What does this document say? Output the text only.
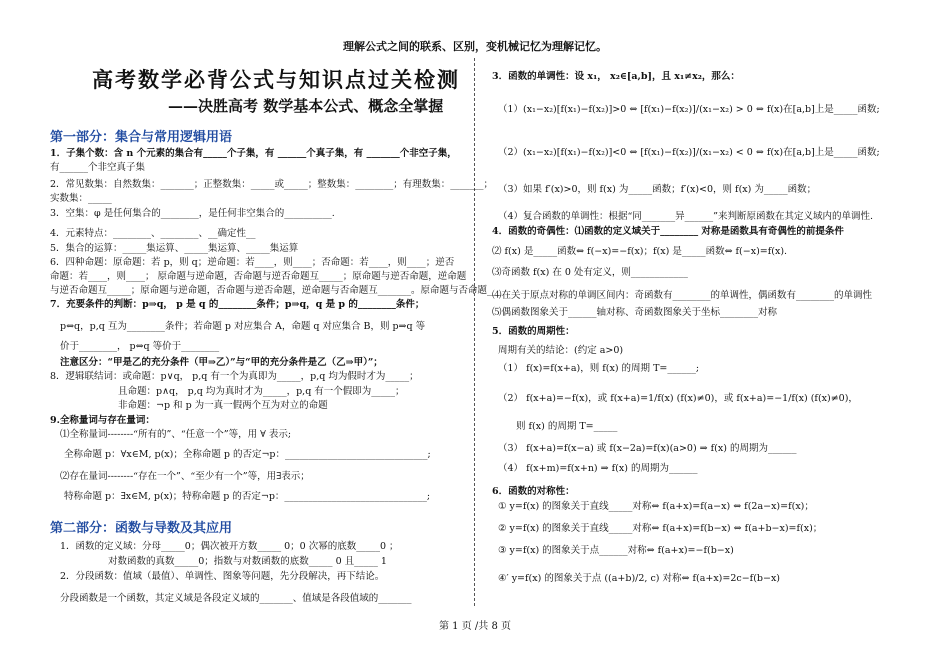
理解公式之间的联系、区别，变机械记忆为理解记忆。
高考数学必背公式与知识点过关检测
——决胜高考 数学基本公式、概念全掌握
第一部分：集合与常用逻辑用语
1．子集个数：含 n 个元素的集合有_____个子集，有 ______个真子集，有 _______个非空子集，
有______个非空真子集
2．常见数集：自然数集：_______；正整数集：_____或_____；整数集：________；有理数集：_______；
实数集：_____
3．空集：φ 是任何集合的________，是任何非空集合的__________.
4．元素特点：________、________、__确定性__
5．集合的运算：_____集运算、_____集运算、_____集运算
6．四种命题：原命题：若 p，则 q；逆命题：若____，则____；否命题：若____，则____；逆否
命题：若____，则____； 原命题与逆命题，否命题与逆否命题互_____；原命题与逆否命题，逆命题
与逆否命题互_____；原命题与逆命题，否命题与逆否命题，逆命题与否命题互_______。原命题与否命题___
7．充要条件的判断：p⇒q， p 是 q 的________条件；p⇒q，q 是 p 的________条件；
p⇔q，p,q 互为________条件；若命题 p 对应集合 A，命题 q 对应集合 B，则 p⇒q 等
价于________， p⇔q 等价于________
注意区分：“甲是乙的充分条件（甲⇒乙）”与“甲的充分条件是乙（乙⇒甲）”；
8．逻辑联结词：或命题：p∨q， p,q 有一个为真即为_____，p,q 均为假时才为_____；
且命题：p∧q， p,q 均为真时才为_____，p,q 有一个假即为_____；
非命题：¬p 和 p 为一真一假两个互为对立的命题
9.全称量词与存在量词：
⑴全称量词--------“所有的”、“任意一个”等，用 ∀ 表示;
全称命题 p：∀x∈M, p(x)；全称命题 p 的否定¬p：______________________________;
⑵存在量词--------“存在一个”、“至少有一个”等，用∃表示；
特称命题 p：∃x∈M, p(x)；特称命题 p 的否定¬p：______________________________;
第二部分：函数与导数及其应用
1．函数的定义域：分母_____0；偶次被开方数_____ 0；0 次幂的底数_____0 ；
对数函数的真数_____0；指数与对数函数的底数_____ 0 且_____ 1
2．分段函数：值域（最值）、单调性、图象等问题，先分段解决，再下结论。
分段函数是一个函数，其定义域是各段定义域的_______、值域是各段值域的_______
3．函数的单调性：设 x₁， x₂∈[a,b]，且 x₁≠x₂，那么：
（1）(x₁−x₂)[f(x₁)−f(x₂)]>0 ⇔ [f(x₁)−f(x₂)]/(x₁−x₂) > 0 ⇔ f(x)在[a,b]上是_____函数;
（2）(x₁−x₂)[f(x₁)−f(x₂)]<0 ⇔ [f(x₁)−f(x₂)]/(x₁−x₂) < 0 ⇔ f(x)在[a,b]上是_____函数;
（3）如果 f′(x)>0，则 f(x) 为_____函数；f′(x)<0，则 f(x) 为_____函数；
（4）复合函数的单调性：根据“同_______异______”来判断原函数在其定义域内的单调性.
4．函数的奇偶性：⑴函数的定义域关于________ 对称是函数具有奇偶性的前提条件
⑵ f(x) 是_____函数⇔ f(−x)=−f(x)；f(x) 是_____函数⇔ f(−x)=f(x).
⑶奇函数 f(x) 在 0 处有定义，则____________
⑷在关于原点对称的单调区间内：奇函数有________的单调性，偶函数有________的单调性
⑸偶函数图象关于______轴对称、奇函数图象关于坐标________对称
5．函数的周期性：
周期有关的结论：(约定 a>0)
（1） f(x)=f(x+a)，则 f(x) 的周期 T=______;
（2） f(x+a)=−f(x)，或 f(x+a)=1/f(x) (f(x)≠0)，或 f(x+a)=−1/f(x) (f(x)≠0)，
则 f(x) 的周期 T=_____
（3） f(x+a)=f(x−a) 或 f(x−2a)=f(x)(a>0) ⇒ f(x) 的周期为______
（4） f(x+m)=f(x+n) ⇒ f(x) 的周期为______
6．函数的对称性：
① y=f(x) 的图象关于直线_____对称⇔ f(a+x)=f(a−x) ⇔ f(2a−x)=f(x)；
② y=f(x) 的图象关于直线_____对称⇔ f(a+x)=f(b−x) ⇔ f(a+b−x)=f(x)；
③ y=f(x) 的图象关于点______对称⇔ f(a+x)=−f(b−x)
④′ y=f(x) 的图象关于点 ((a+b)/2, c) 对称⇔ f(a+x)=2c−f(b−x)
第 1 页 /共 8 页
